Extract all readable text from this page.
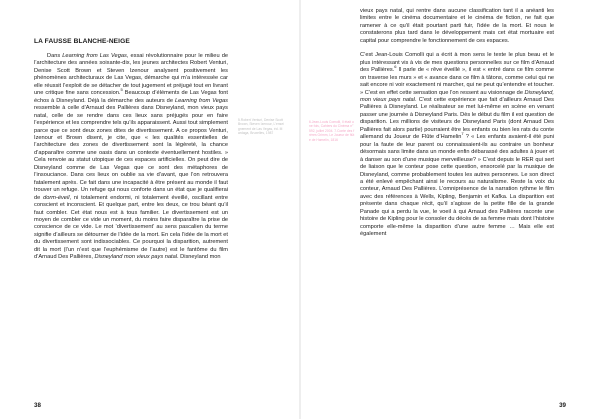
LA FAUSSE BLANCHE-NEIGE

Dans Learning from Las Vegas, essai révolutionnaire pour le milieu de l’architecture des années soixante-dix, les jeunes architectes Robert Venturi, Denise Scott Brown et Steven Izenour analysent positivement les phénomènes architecturaux de Las Vegas, démarche qui m’a intéressée car elle réussit l’exploit de se détacher de tout jugement et préjugé tout en livrant une critique fine sans concession.$^5$ Beaucoup d’éléments de Las Vegas font échos à Disneyland. Déjà la démarche des auteurs de Learning from Vegas ressemble à celle d’Arnaud des Pallières dans Disneyland, mon vieux pays natal, celle de se rendre dans ces lieux sans préjugés pour en faire l’expérience et les comprendre tels qu’ils apparaissent. Aussi tout simplement parce que ce sont deux zones dites de divertissement. A ce propos Venturi, Izenour et Brown disent, je cite, que « les qualités essentielles de l’architecture des zones de divertissement sont la légèreté, la chance d’apparaître comme une oasis dans un contexte éventuellement hostiles. » Cela renvoie au statut utopique de ces espaces artificielles. On peut dire de Disneyland comme de Las Vegas que ce sont des métaphores de l’insouciance. Dans ces lieux on oublie sa vie d’avant, que l’on retrouvera fatalement après. Ce fait dans une incapacité à être présent au monde il faut trouver un refuge. Un refuge qui nous conforte dans un état que je qualifierai de dorm-éveil, ni totalement endormi, ni totalement éveillé, oscillant entre conscient et inconscient. Et quelque part, entre les deux, ce trou béant qu’il faut combler. Cet état nous est à tous familier. Le divertissement est un moyen de combler ce vide un moment, du moins faire disparaître la prise de conscience de ce vide. Le mot ‘divertissement’ au sens pascalien du terme signifie d’ailleurs se détourner de l’idée de la mort. En cela l’idée de la mort et du divertissement sont indissociables. Ce pourquoi la disparition, autrement dit la mort (l’un n’est que l’euphémisme de l’autre) est le fantôme du film d’Arnaud Des Pallières, Disneyland mon vieux pays natal. Disneyland mon

5.Robert Venturi, Denise Scott Brown, Steven Izenour, L'enseignement de Las Vegas, éd. Mardaga, Bruxelles, 1987
38
6.Jean-Louis Comolli, Il était une fois, Cahiers du Cinéma n°592, juillet 2004. 7.Conte des frères Grimm, Le Joueur de flûte de Hamelin, 1816

vieux pays natal, qui rentre dans aucune classification tant il a anéanti les limites entre le cinéma documentaire et le cinéma de fiction, ne fait que ramener à ce qu’il était pourtant parti fuir, l’idée de la mort. Et nous le constaterons plus tard dans le développement mais cet état mortuaire est capital pour comprendre le fonctionnement de ces espaces.

C’est Jean-Louis Comolli qui a écrit à mon sens le texte le plus beau et le plus intéressant vis à vis de mes questions personnelles sur ce film d’Arnaud des Pallières.$^6$ Il parle de « rêve éveillé », il est « entré dans ce film comme on traverse les murs » et « avance dans ce film à tâtons, comme celui qui ne sait encore ni voir exactement ni marcher, qui ne peut qu’entendre et toucher. » C’est en effet cette sensation que l’on ressent au visionnage de Disneyland, mon vieux pays natal. C’est cette expérience que fait d’ailleurs Arnaud Des Pallières à Disneyland. Le réalisateur se met lui-même en scène en venant passer une journée à Disneyland Paris. Dès le début du film il est question de disparition. Les millions de visiteurs de Disneyland Paris (dont Arnaud Des Pallières fait alors partie) pourraient être les enfants ou bien les rats du conte allemand du Joueur de Flûte d’Hamelin$^7$ ? « Les enfants avaient-il été puni pour la faute de leur parent ou connaissaient-ils au contraire un bonheur désormais sans limite dans un monde enfin débarassé des adultes à jouer et à danser au son d’une musique merveilleuse? » C’est depuis le RER qui sert de liaison que le conteur pose cette question, ensorcelé par la musique de Disneyland, comme probablement toutes les autres personnes. Le son direct a été enlevé empêchant ainsi le recours au naturalisme. Reste la voix du conteur, Arnaud Des Pallières. L’omniprésence de la narration rythme le film avec des références à Wells, Kipling, Benjamin et Kafka. La disparition est présente dans chaque récit, qu’il s’agisse de la petite fille de la grande Panade qui a perdu la vue, le voeil à qui Arnaud des Pallières raconte une histoire de Kipling pour le consoler du décès de sa femme mais dont l’histoire comporte elle-même la disparition d’une autre femme … Mais elle est également

39
